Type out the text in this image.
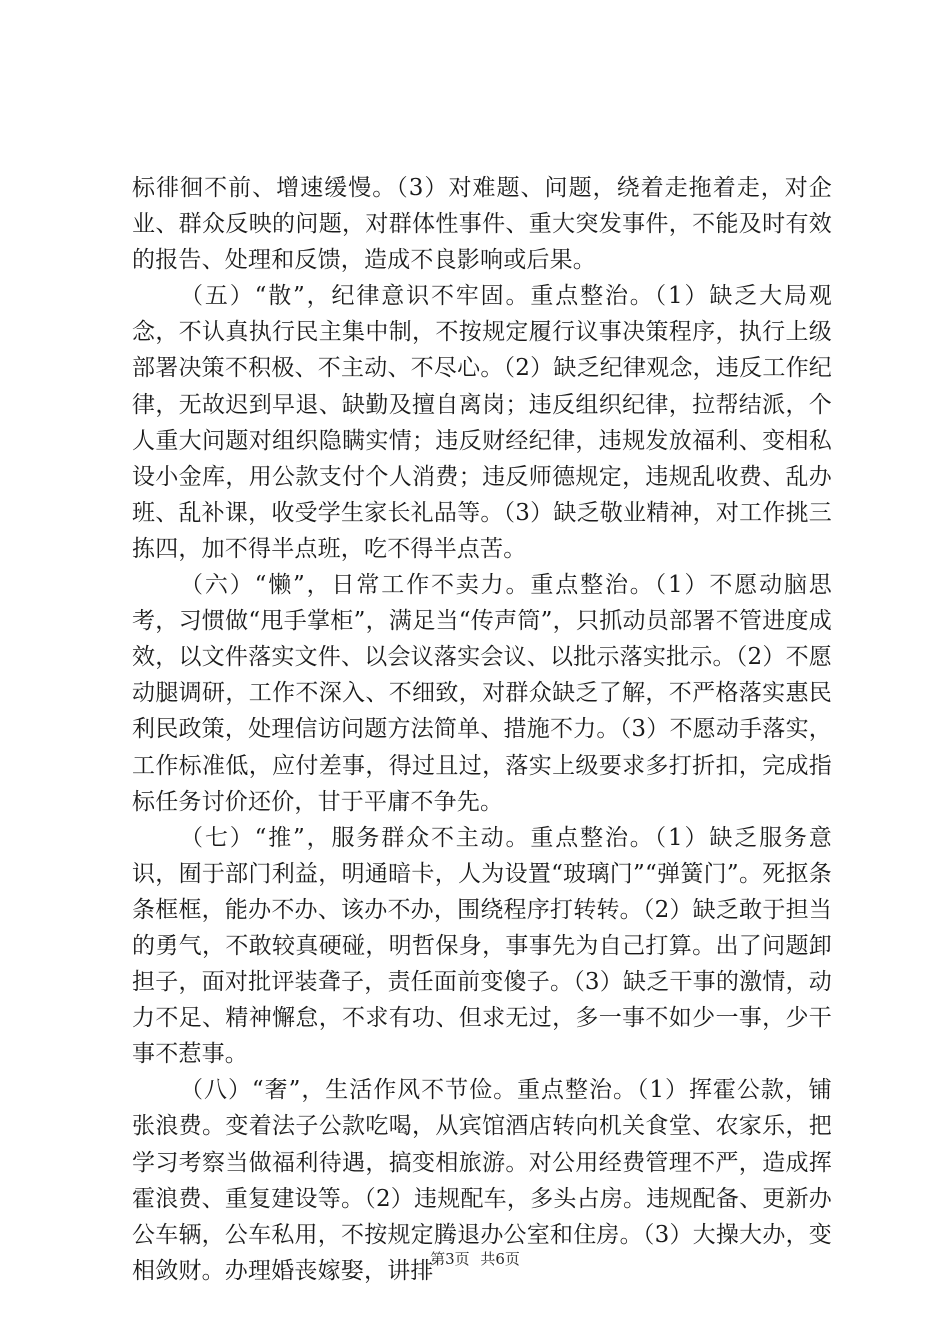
标徘徊不前、增速缓慢。（3）对难题、问题，绕着走拖着走，对企业、群众反映的问题，对群体性事件、重大突发事件，不能及时有效的报告、处理和反馈，造成不良影响或后果。

（五）“散”，纪律意识不牢固。重点整治。（1）缺乏大局观念，不认真执行民主集中制，不按规定履行议事决策程序，执行上级部署决策不积极、不主动、不尽心。（2）缺乏纪律观念，违反工作纪律，无故迟到早退、缺勤及擅自离岗；违反组织纪律，拉帮结派，个人重大问题对组织隐瞒实情；违反财经纪律，违规发放福利、变相私设小金库，用公款支付个人消费；违反师德规定，违规乱收费、乱办班、乱补课，收受学生家长礼品等。（3）缺乏敬业精神，对工作挑三拣四，加不得半点班，吃不得半点苦。

（六）“懒”，日常工作不卖力。重点整治。（1）不愿动脑思考，习惯做“甩手掌柜”，满足当“传声筒”，只抓动员部署不管进度成效，以文件落实文件、以会议落实会议、以批示落实批示。（2）不愿动腿调研，工作不深入、不细致，对群众缺乏了解，不严格落实惠民利民政策，处理信访问题方法简单、措施不力。（3）不愿动手落实，工作标准低，应付差事，得过且过，落实上级要求多打折扣，完成指标任务讨价还价，甘于平庸不争先。

（七）“推”，服务群众不主动。重点整治。（1）缺乏服务意识，囿于部门利益，明通暗卡，人为设置“玻璃门”“弹簧门”。死抠条条框框，能办不办、该办不办，围绕程序打转转。（2）缺乏敢于担当的勇气，不敢较真硬碰，明哲保身，事事先为自己打算。出了问题卸担子，面对批评装聋子，责任面前变傻子。（3）缺乏干事的激情，动力不足、精神懈怠，不求有功、但求无过，多一事不如少一事，少干事不惹事。

（八）“奢”，生活作风不节俭。重点整治。（1）挥霍公款，铺张浪费。变着法子公款吃喝，从宾馆酒店转向机关食堂、农家乐，把学习考察当做福利待遇，搞变相旅游。对公用经费管理不严，造成挥霍浪费、重复建设等。（2）违规配车，多头占房。违规配备、更新办公车辆，公车私用，不按规定腾退办公室和住房。（3）大操大办，变相敛财。办理婚丧嫁娶，讲排

第3页 共6页
